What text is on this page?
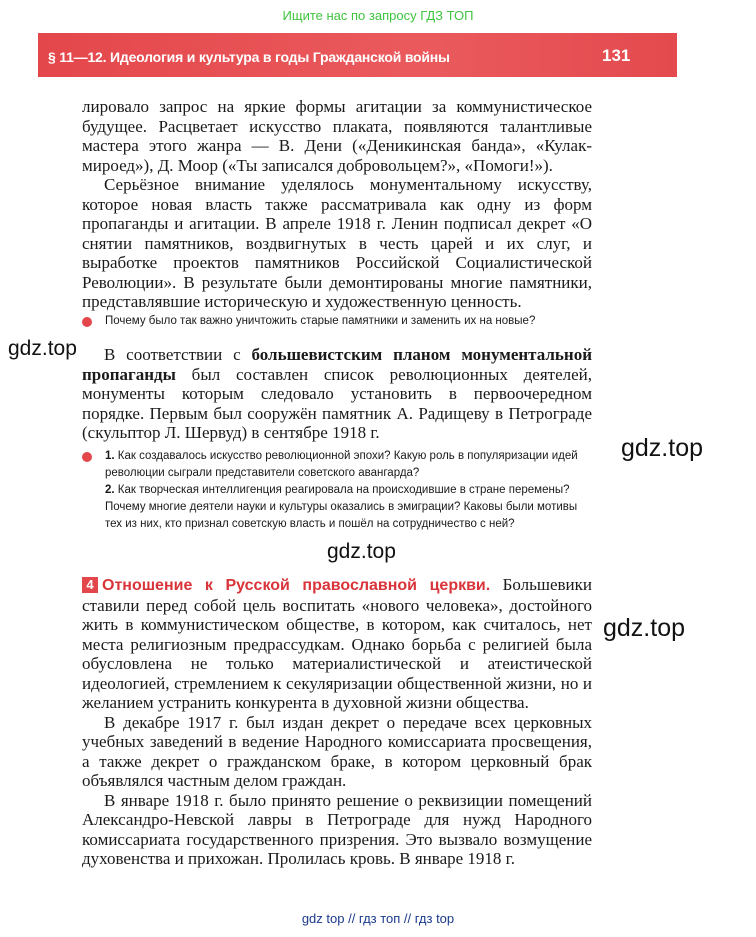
Ищите нас по запросу ГДЗ ТОП
§ 11—12. Идеология и культура в годы Гражданской войны	131

лировало запрос на яркие формы агитации за коммунистическое будущее. Расцветает искусство плаката, появляются талантливые мастера этого жанра — В. Дени («Деникинская банда», «Кулак-мироед»), Д. Моор («Ты записался добровольцем?», «Помоги!»).

Серьёзное внимание уделялось монументальному искусству, которое новая власть также рассматривала как одну из форм пропаганды и агитации. В апреле 1918 г. Ленин подписал декрет «О снятии памятников, воздвигнутых в честь царей и их слуг, и выработке проектов памятников Российской Социалистической Революции». В результате были демонтированы многие памятники, представлявшие историческую и художественную ценность.

Почему было так важно уничтожить старые памятники и заменить их на новые?

В соответствии с большевистским планом монументальной пропаганды был составлен список революционных деятелей, монументы которым следовало установить в первоочередном порядке. Первым был сооружён памятник А. Радищеву в Петрограде (скульптор Л. Шервуд) в сентябре 1918 г.

1. Как создавалось искусство революционной эпохи? Какую роль в популяризации идей революции сыграли представители советского авангарда?

2. Как творческая интеллигенция реагировала на происходившие в стране перемены? Почему многие деятели науки и культуры оказались в эмиграции? Каковы были мотивы тех из них, кто признал советскую власть и пошёл на сотрудничество с ней?

4 Отношение к Русской православной церкви. Большевики ставили перед собой цель воспитать «нового человека», достойного жить в коммунистическом обществе, в котором, как считалось, нет места религиозным предрассудкам. Однако борьба с религией была обусловлена не только материалистической и атеистической идеологией, стремлением к секуляризации общественной жизни, но и желанием устранить конкурента в духовной жизни общества.

В декабре 1917 г. был издан декрет о передаче всех церковных учебных заведений в ведение Народного комиссариата просвещения, а также декрет о гражданском браке, в котором церковный брак объявлялся частным делом граждан.

В январе 1918 г. было принято решение о реквизиции помещений Александро-Невской лавры в Петрограде для нужд Народного комиссариата государственного призрения. Это вызвало возмущение духовенства и прихожан. Пролилась кровь. В январе 1918 г.

gdz.top
gdz.top
gdz.top
gdz.top
gdz top // гдз топ // гдз top
